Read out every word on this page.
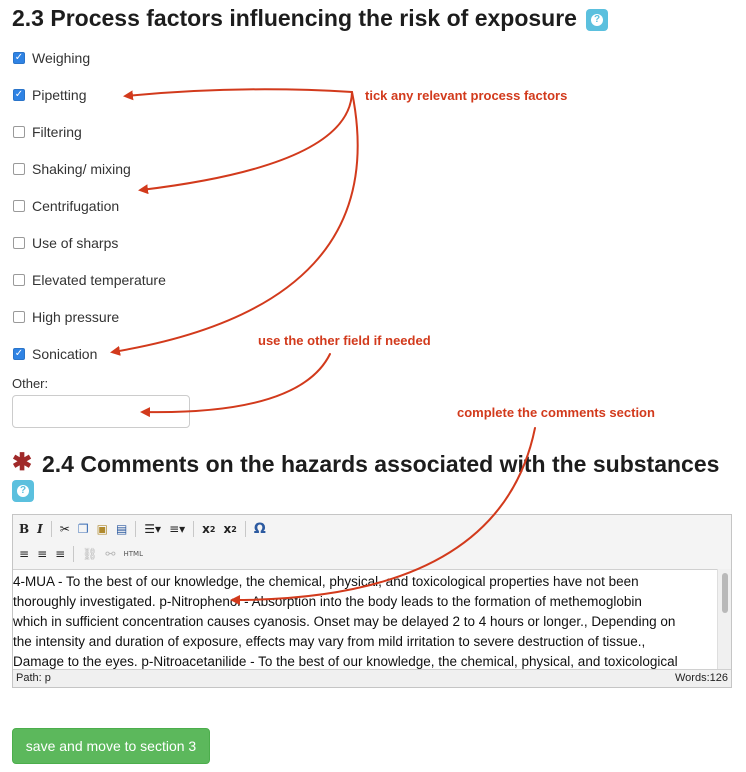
2.3 Process factors influencing the risk of exposure ?
✓ Weighing
✓ Pipetting
Filtering
Shaking/ mixing
Centrifugation
Use of sharps
Elevated temperature
High pressure
✓ Sonication
Other:
✱ 2.4 Comments on the hazards associated with the substances
?
B I ✂ ❐ ▣ ▤ ☰▾ ≡▾ x 2 x 2 Ω
≡ ≡ ≡ ⛓ ⚯ HTML

4-MUA - To the best of our knowledge, the chemical, physical, and toxicological properties have not been

thoroughly investigated. p-Nitrophenol - Absorption into the body leads to the formation of methemoglobin

which in sufficient concentration causes cyanosis. Onset may be delayed 2 to 4 hours or longer., Depending on

the intensity and duration of exposure, effects may vary from mild irritation to severe destruction of tissue.,

Damage to the eyes. p-Nitroacetanilide - To the best of our knowledge, the chemical, physical, and toxicological

Path: p	Words:126
save and move to section 3
tick any relevant process factors
use the other field if needed
complete the comments section
